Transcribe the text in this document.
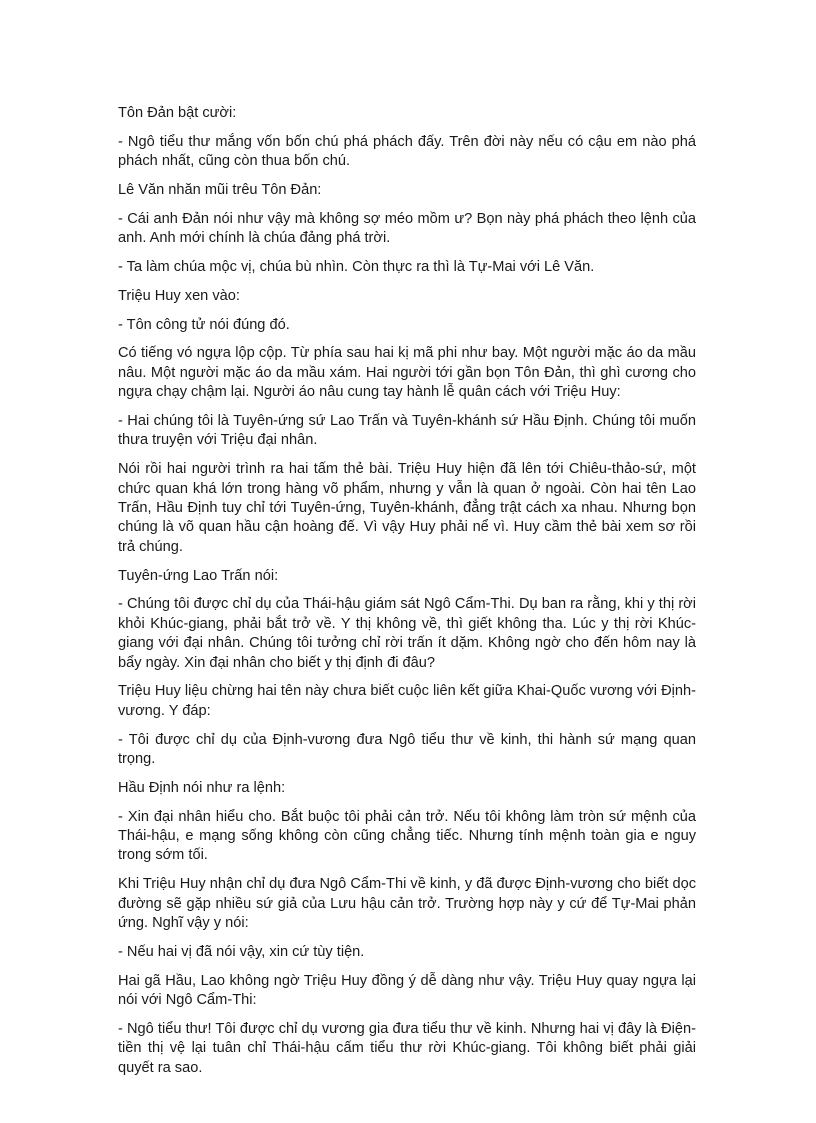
Tôn Đản bật cười:

- Ngô tiểu thư mắng vốn bốn chú phá phách đấy. Trên đời này nếu có cậu em nào phá phách nhất, cũng còn thua bốn chú.

Lê Văn nhăn mũi trêu Tôn Đản:

- Cái anh Đản nói như vậy mà không sợ méo mồm ư? Bọn này phá phách theo lệnh của anh. Anh mới chính là chúa đảng phá trời.

- Ta làm chúa mộc vị, chúa bù nhìn. Còn thực ra thì là Tự-Mai với Lê Văn.

Triệu Huy xen vào:

- Tôn công tử nói đúng đó.

Có tiếng vó ngựa lộp cộp. Từ phía sau hai kị mã phi như bay. Một người mặc áo da mầu nâu. Một người mặc áo da mầu xám. Hai người tới gần bọn Tôn Đản, thì ghì cương cho ngựa chạy chậm lại. Người áo nâu cung tay hành lễ quân cách với Triệu Huy:

- Hai chúng tôi là Tuyên-ứng sứ Lao Trấn và Tuyên-khánh sứ Hầu Định. Chúng tôi muốn thưa truyện với Triệu đại nhân.

Nói rồi hai người trình ra hai tấm thẻ bài. Triệu Huy hiện đã lên tới Chiêu-thảo-sứ, một chức quan khá lớn trong hàng võ phẩm, nhưng y vẫn là quan ở ngoài. Còn hai tên Lao Trấn, Hầu Định tuy chỉ tới Tuyên-ứng, Tuyên-khánh, đẳng trật cách xa nhau. Nhưng bọn chúng là võ quan hầu cận hoàng đế. Vì vậy Huy phải nể vì. Huy cầm thẻ bài xem sơ rồi trả chúng.

Tuyên-ứng Lao Trấn nói:

- Chúng tôi được chỉ dụ của Thái-hậu giám sát Ngô Cẩm-Thi. Dụ ban ra rằng, khi y thị rời khỏi Khúc-giang, phải bắt trở về. Y thị không về, thì giết không tha. Lúc y thị rời Khúc-giang với đại nhân. Chúng tôi tưởng chỉ rời trấn ít dặm. Không ngờ cho đến hôm nay là bẩy ngày. Xin đại nhân cho biết y thị định đi đâu?

Triệu Huy liệu chừng hai tên này chưa biết cuộc liên kết giữa Khai-Quốc vương với Định-vương. Y đáp:

- Tôi được chỉ dụ của Định-vương đưa Ngô tiểu thư về kinh, thi hành sứ mạng quan trọng.

Hầu Định nói như ra lệnh:

- Xin đại nhân hiểu cho. Bắt buộc tôi phải cản trở. Nếu tôi không làm tròn sứ mệnh của Thái-hậu, e mạng sống không còn cũng chẳng tiếc. Nhưng tính mệnh toàn gia e nguy trong sớm tối.

Khi Triệu Huy nhận chỉ dụ đưa Ngô Cẩm-Thi về kinh, y đã được Định-vương cho biết dọc đường sẽ gặp nhiều sứ giả của Lưu hậu cản trở. Trường hợp này y cứ để Tự-Mai phản ứng. Nghĩ vậy y nói:

- Nếu hai vị đã nói vậy, xin cứ tùy tiện.

Hai gã Hầu, Lao không ngờ Triệu Huy đồng ý dễ dàng như vậy. Triệu Huy quay ngựa lại nói với Ngô Cẩm-Thi:

- Ngô tiểu thư! Tôi được chỉ dụ vương gia đưa tiểu thư về kinh. Nhưng hai vị đây là Điện-tiền thị vệ lại tuân chỉ Thái-hậu cấm tiểu thư rời Khúc-giang. Tôi không biết phải giải quyết ra sao.
